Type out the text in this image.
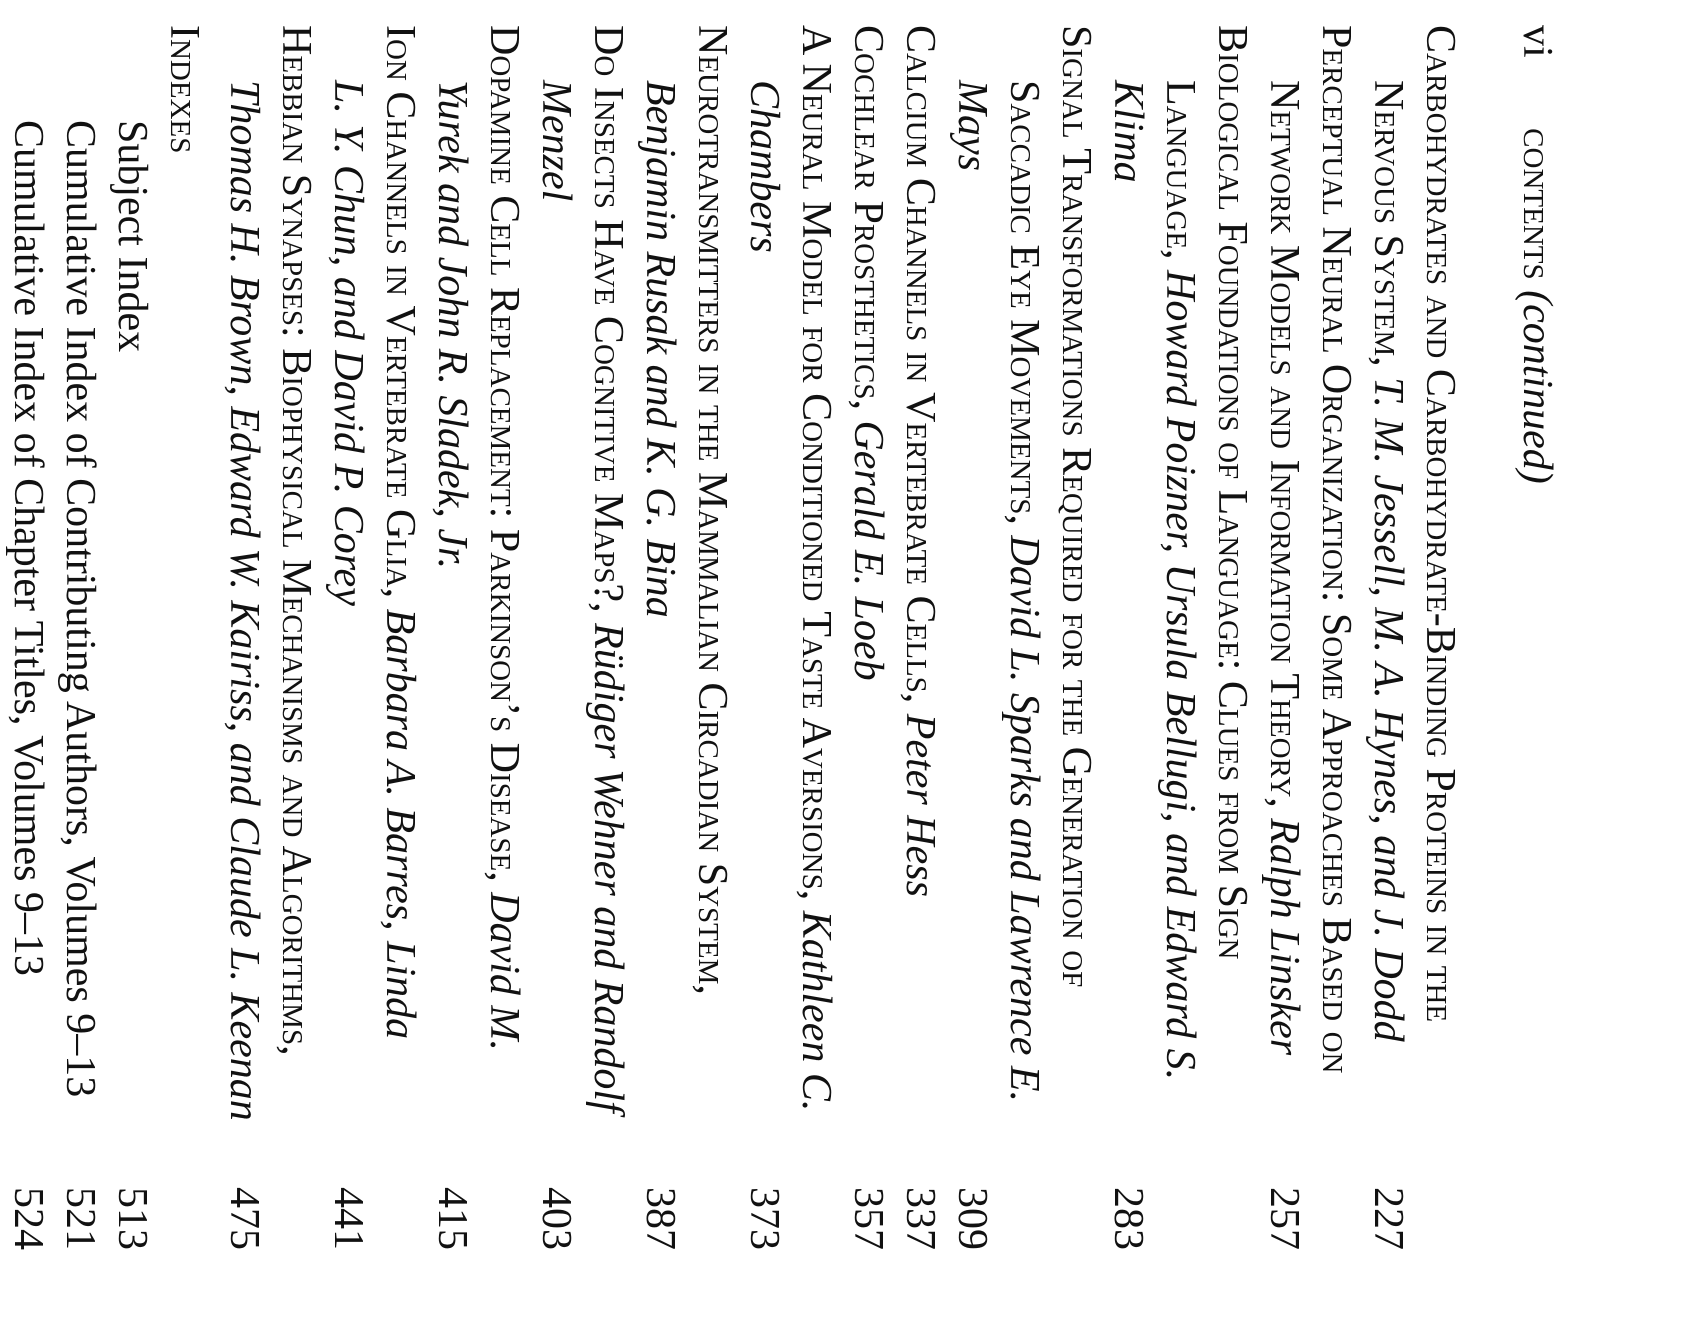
vi contents (continued)
Carbohydrates and Carbohydrate-Binding Proteins in the
Nervous System, T. M. Jessell, M. A. Hynes, and J. Dodd
227
Perceptual Neural Organization: Some Approaches Based on
Network Models and Information Theory, Ralph Linsker
257
Biological Foundations of Language: Clues from Sign
Language, Howard Poizner, Ursula Bellugi, and Edward S.
Klima
283
Signal Transformations Required for the Generation of
Saccadic Eye Movements, David L. Sparks and Lawrence E.
Mays
309
Calcium Channels in Vertebrate Cells, Peter Hess
337
Cochlear Prosthetics, Gerald E. Loeb
357
A Neural Model for Conditioned Taste Aversions, Kathleen C.
Chambers
373
Neurotransmitters in the Mammalian Circadian System,
Benjamin Rusak and K. G. Bina
387
Do Insects Have Cognitive Maps?, Rüdiger Wehner and Randolf
Menzel
403
Dopamine Cell Replacement: Parkinson’s Disease, David M.
Yurek and John R. Sladek, Jr.
415
Ion Channels in Vertebrate Glia, Barbara A. Barres, Linda
L. Y. Chun, and David P. Corey
441
Hebbian Synapses: Biophysical Mechanisms and Algorithms,
Thomas H. Brown, Edward W. Kairiss, and Claude L. Keenan
475
Indexes
Subject Index
513
Cumulative Index of Contributing Authors, Volumes 9–13
521
Cumulative Index of Chapter Titles, Volumes 9–13
524
